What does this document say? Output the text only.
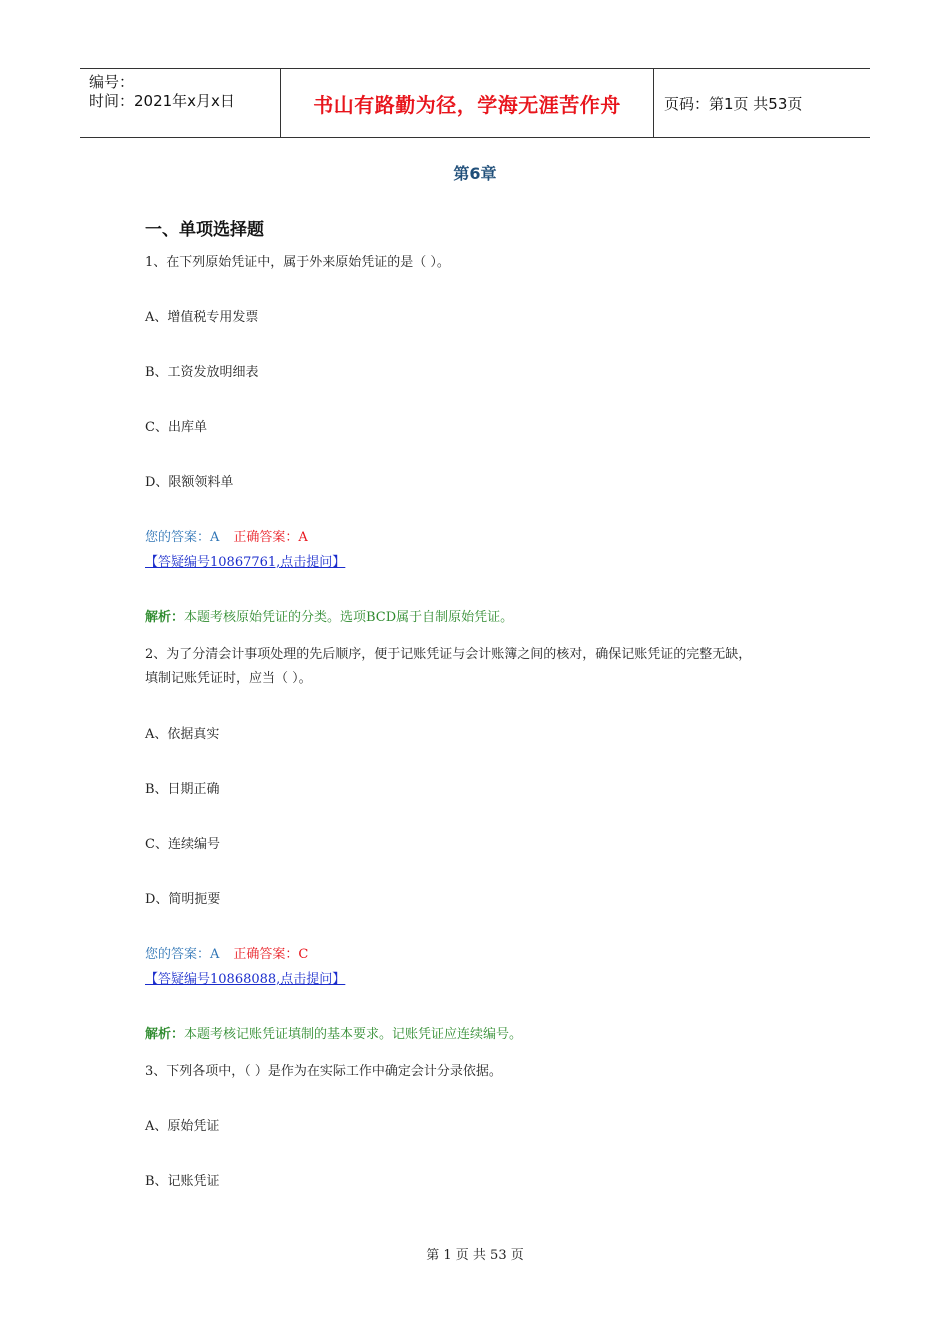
编号：
时间：2021年x月x日	书山有路勤为径，学海无涯苦作舟	页码：第1页 共53页
第6章
一、单项选择题
1、在下列原始凭证中，属于外来原始凭证的是（ ）。
A、增值税专用发票
B、工资发放明细表
C、出库单
D、限额领料单
您的答案：A 正确答案：A
【答疑编号10867761,点击提问】
解析：本题考核原始凭证的分类。选项BCD属于自制原始凭证。
2、为了分清会计事项处理的先后顺序，便于记账凭证与会计账簿之间的核对，确保记账凭证的完整无缺，
填制记账凭证时，应当（ ）。
A、依据真实
B、日期正确
C、连续编号
D、简明扼要
您的答案：A 正确答案：C
【答疑编号10868088,点击提问】
解析：本题考核记账凭证填制的基本要求。记账凭证应连续编号。
3、下列各项中，（ ）是作为在实际工作中确定会计分录依据。
A、原始凭证
B、记账凭证
第 1 页 共 53 页
